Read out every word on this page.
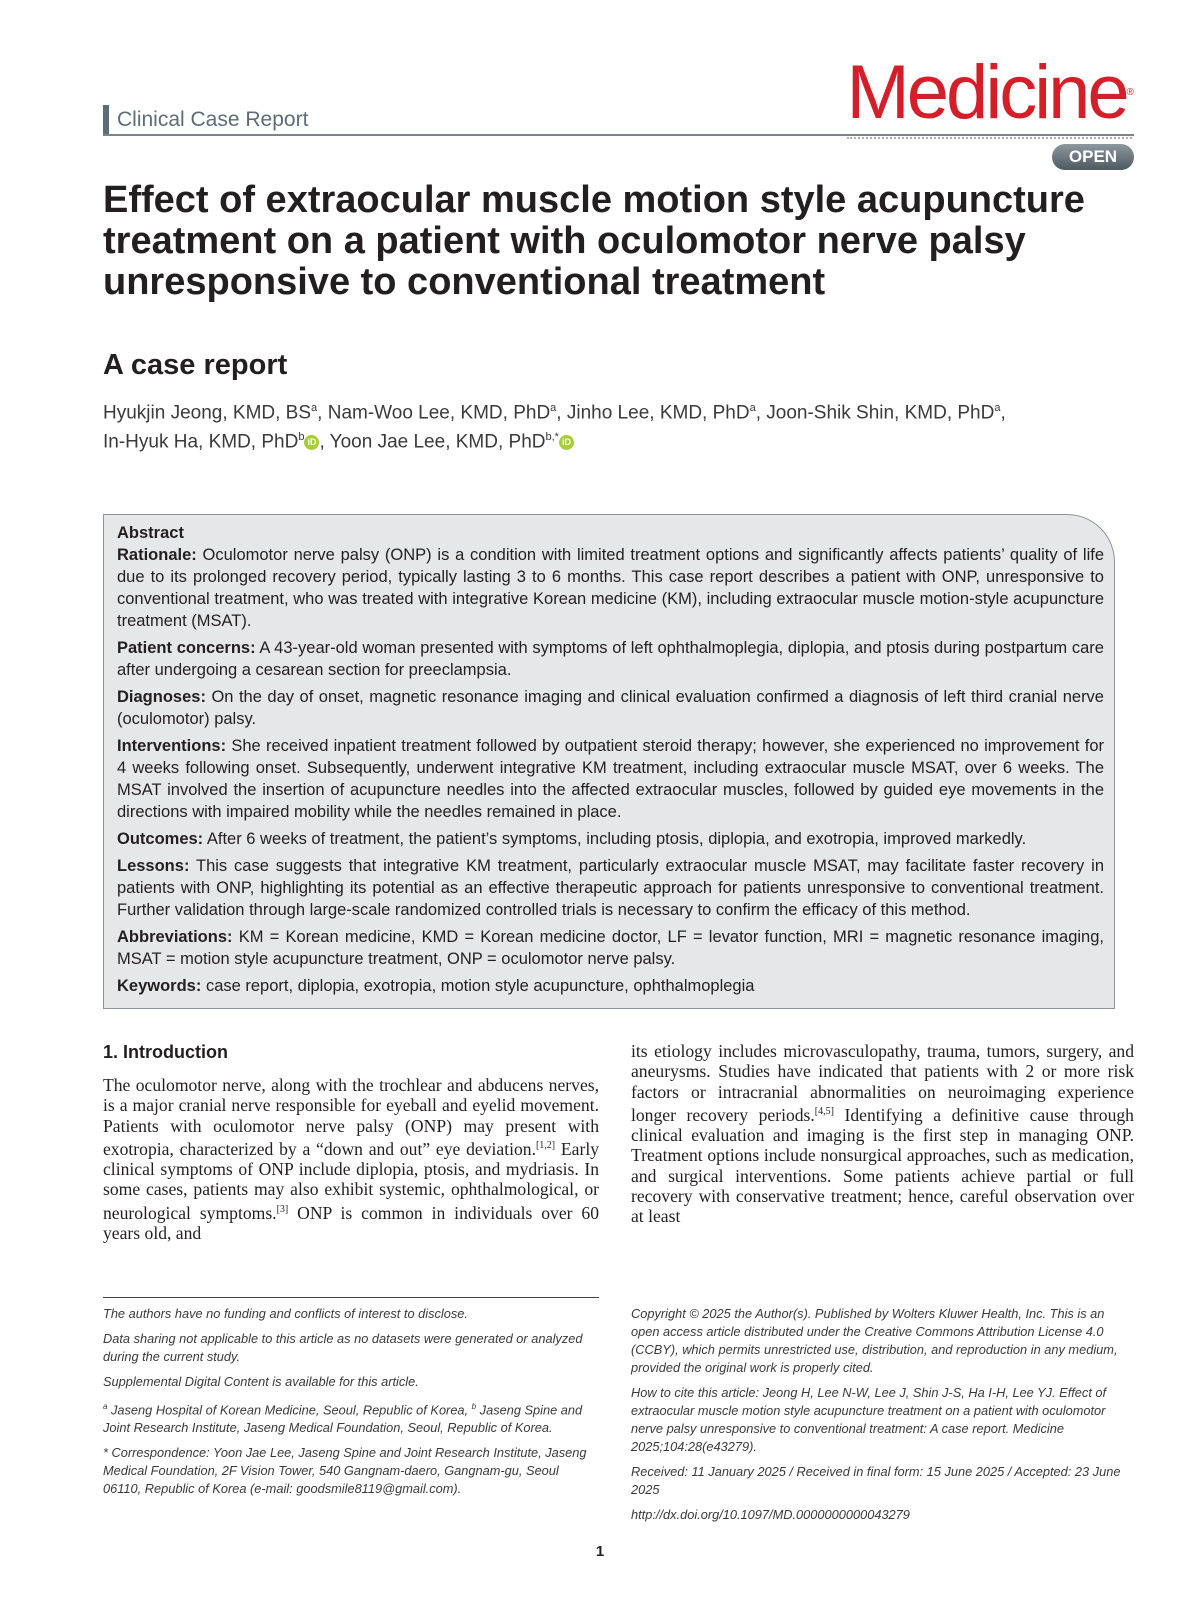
Clinical Case Report	Medicine®
OPEN
Effect of extraocular muscle motion style acupuncture treatment on a patient with oculomotor nerve palsy unresponsive to conventional treatment
A case report
Hyukjin Jeong, KMD, $BS^a$, Nam-Woo Lee, KMD, PhD$^a$, Jinho Lee, KMD, PhD$^a$, Joon-Shik Shin, KMD, PhD$^a$,
In-Hyuk Ha, KMD, PhD$^b$ iD , Yoon Jae Lee, KMD, PhD$^{b,*}$ iD
Abstract

Rationale: Oculomotor nerve palsy (ONP) is a condition with limited treatment options and significantly affects patients’ quality of life due to its prolonged recovery period, typically lasting 3 to 6 months. This case report describes a patient with ONP, unresponsive to conventional treatment, who was treated with integrative Korean medicine (KM), including extraocular muscle motion-style acupuncture treatment (MSAT).

Patient concerns: A 43-year-old woman presented with symptoms of left ophthalmoplegia, diplopia, and ptosis during postpartum care after undergoing a cesarean section for preeclampsia.

Diagnoses: On the day of onset, magnetic resonance imaging and clinical evaluation confirmed a diagnosis of left third cranial nerve (oculomotor) palsy.

Interventions: She received inpatient treatment followed by outpatient steroid therapy; however, she experienced no improvement for 4 weeks following onset. Subsequently, underwent integrative KM treatment, including extraocular muscle MSAT, over 6 weeks. The MSAT involved the insertion of acupuncture needles into the affected extraocular muscles, followed by guided eye movements in the directions with impaired mobility while the needles remained in place.

Outcomes: After 6 weeks of treatment, the patient’s symptoms, including ptosis, diplopia, and exotropia, improved markedly.

Lessons: This case suggests that integrative KM treatment, particularly extraocular muscle MSAT, may facilitate faster recovery in patients with ONP, highlighting its potential as an effective therapeutic approach for patients unresponsive to conventional treatment. Further validation through large-scale randomized controlled trials is necessary to confirm the efficacy of this method.

Abbreviations: KM = Korean medicine, KMD = Korean medicine doctor, LF = levator function, MRI = magnetic resonance imaging, MSAT = motion style acupuncture treatment, ONP = oculomotor nerve palsy.

Keywords: case report, diplopia, exotropia, motion style acupuncture, ophthalmoplegia

1. Introduction

The oculomotor nerve, along with the trochlear and abducens nerves, is a major cranial nerve responsible for eyeball and eyelid movement. Patients with oculomotor nerve palsy (ONP) may present with exotropia, characterized by a “down and out” eye deviation.[1,2] Early clinical symptoms of ONP include diplopia, ptosis, and mydriasis. In some cases, patients may also exhibit systemic, ophthalmological, or neurological symptoms.[3] ONP is common in individuals over 60 years old, and

its etiology includes microvasculopathy, trauma, tumors, surgery, and aneurysms. Studies have indicated that patients with 2 or more risk factors or intracranial abnormalities on neuroimaging experience longer recovery periods.[4,5] Identifying a definitive cause through clinical evaluation and imaging is the first step in managing ONP. Treatment options include nonsurgical approaches, such as medication, and surgical interventions. Some patients achieve partial or full recovery with conservative treatment; hence, careful observation over at least

The authors have no funding and conflicts of interest to disclose.

Data sharing not applicable to this article as no datasets were generated or analyzed during the current study.

Supplemental Digital Content is available for this article.

$^a$ Jaseng Hospital of Korean Medicine, Seoul, Republic of Korea, $^b$ Jaseng Spine and Joint Research Institute, Jaseng Medical Foundation, Seoul, Republic of Korea.

* Correspondence: Yoon Jae Lee, Jaseng Spine and Joint Research Institute, Jaseng Medical Foundation, 2F Vision Tower, 540 Gangnam-daero, Gangnam-gu, Seoul 06110, Republic of Korea (e-mail: goodsmile8119@gmail.com).

Copyright © 2025 the Author(s). Published by Wolters Kluwer Health, Inc. This is an open access article distributed under the Creative Commons Attribution License 4.0 (CCBY), which permits unrestricted use, distribution, and reproduction in any medium, provided the original work is properly cited.

How to cite this article: Jeong H, Lee N-W, Lee J, Shin J-S, Ha I-H, Lee YJ. Effect of extraocular muscle motion style acupuncture treatment on a patient with oculomotor nerve palsy unresponsive to conventional treatment: A case report. Medicine 2025;104:28(e43279).

Received: 11 January 2025 / Received in final form: 15 June 2025 / Accepted: 23 June 2025

http://dx.doi.org/10.1097/MD.0000000000043279

1
